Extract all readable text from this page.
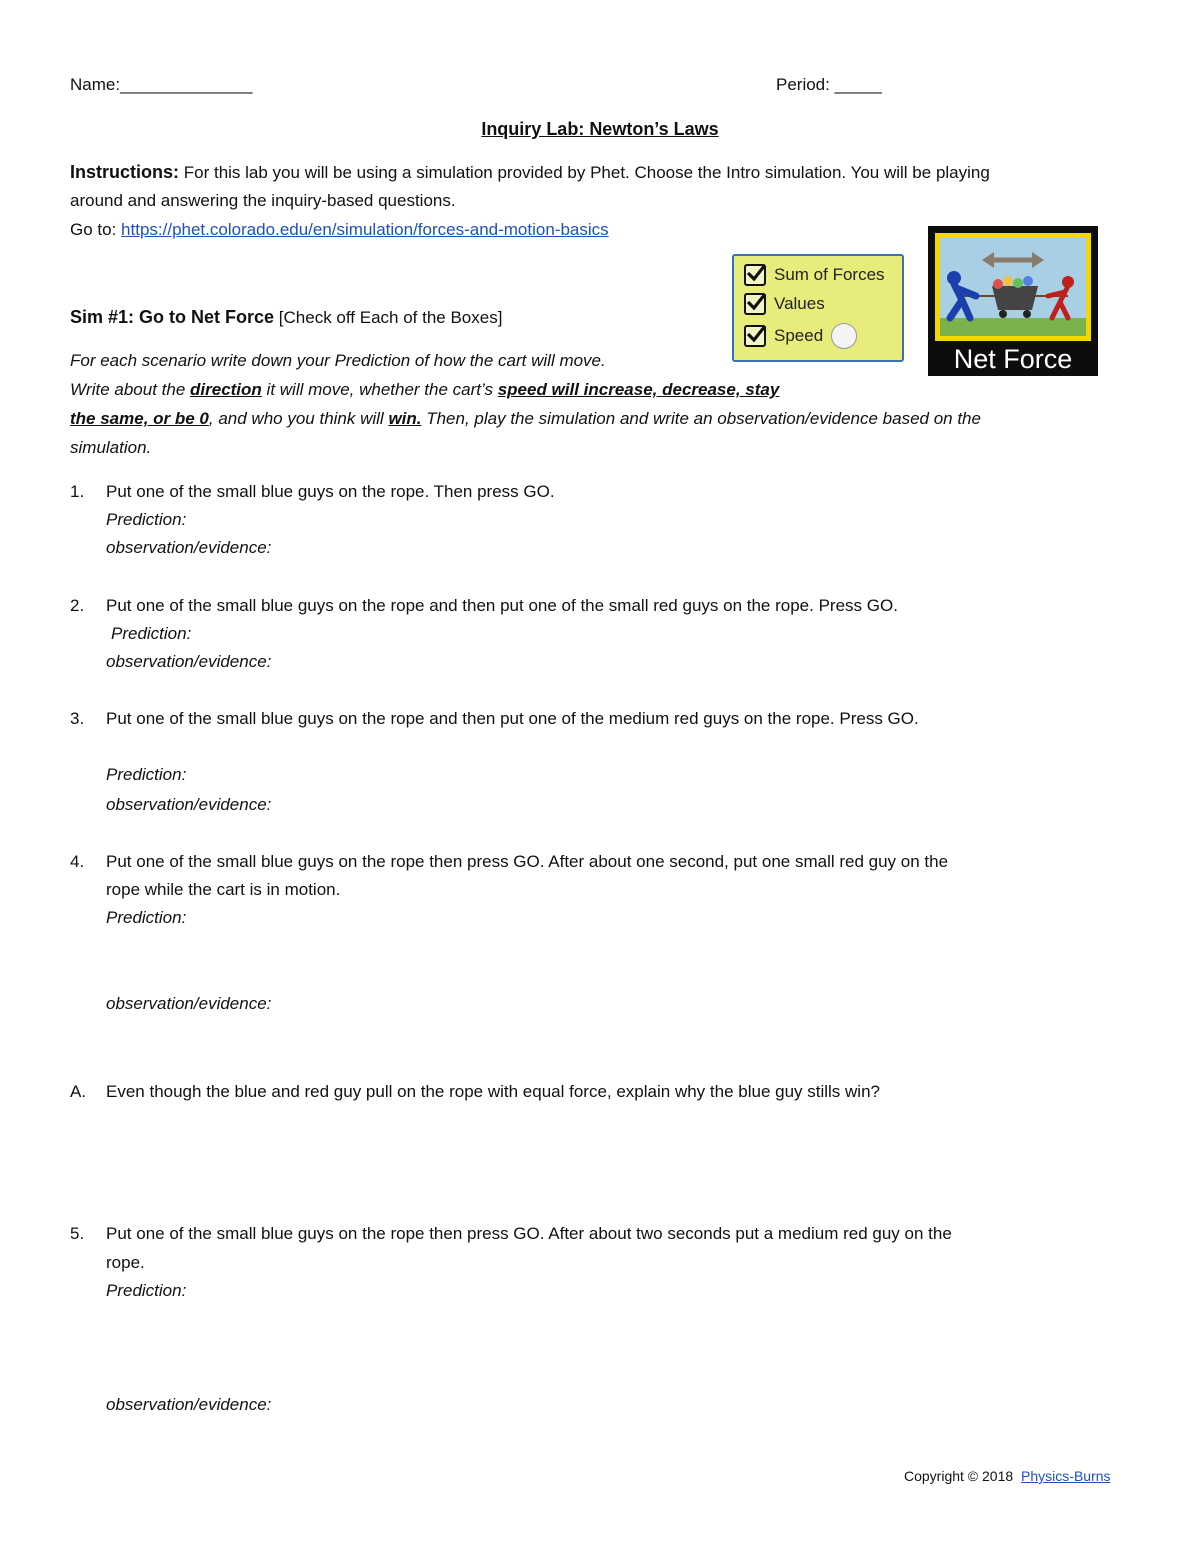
Name:______________	Period: _____
Inquiry Lab: Newton’s Laws
Instructions: For this lab you will be using a simulation provided by Phet. Choose the Intro simulation. You will be playing
around and answering the inquiry-based questions.
Go to: https://phet.colorado.edu/en/simulation/forces-and-motion-basics
Sum of Forces
Values
Speed
Net Force
Sim #1: Go to Net Force [Check off Each of the Boxes]
For each scenario write down your Prediction of how the cart will move.
Write about the direction it will move, whether the cart’s speed will increase, decrease, stay
the same, or be 0, and who you think will win. Then, play the simulation and write an observation/evidence based on the
simulation.
1. Put one of the small blue guys on the rope. Then press GO.
Prediction:
observation/evidence:
2. Put one of the small blue guys on the rope and then put one of the small red guys on the rope. Press GO.
Prediction:
observation/evidence:
3. Put one of the small blue guys on the rope and then put one of the medium red guys on the rope. Press GO.
Prediction:
observation/evidence:
4. Put one of the small blue guys on the rope then press GO. After about one second, put one small red guy on the
rope while the cart is in motion.
Prediction:
observation/evidence:
A. Even though the blue and red guy pull on the rope with equal force, explain why the blue guy stills win?
5. Put one of the small blue guys on the rope then press GO. After about two seconds put a medium red guy on the
rope.
Prediction:
observation/evidence:
Copyright © 2018 Physics-Burns
